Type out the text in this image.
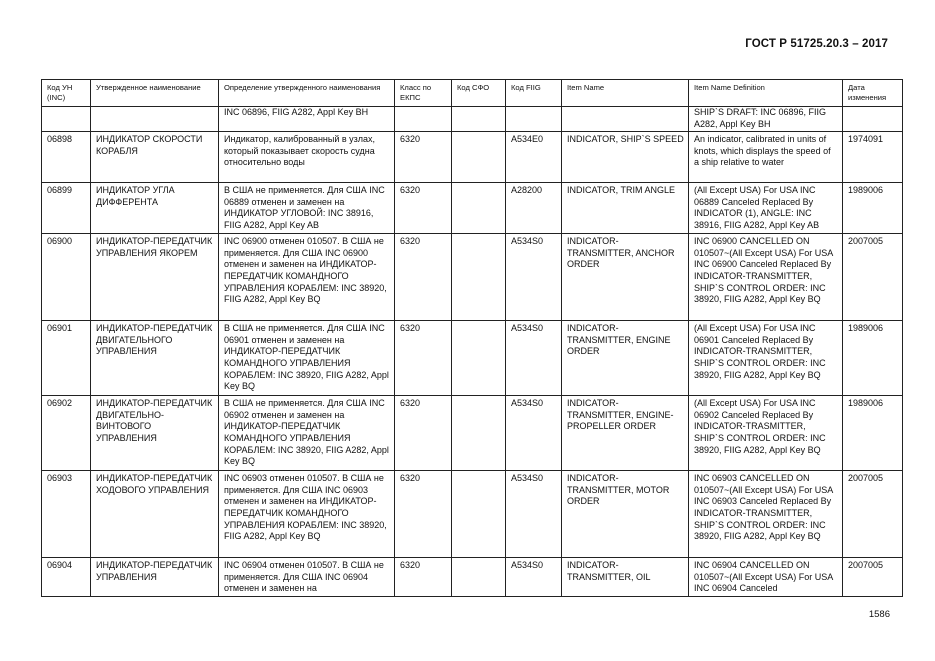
ГОСТ Р 51725.20.3 – 2017
Код УН (INC)	Утвержденное наименование	Определение утвержденного наименования	Класс по ЕКПС	Код СФО	Код FIIG	Item Name	Item Name Definition	Дата изменения
		INC 06896, FIIG A282, Appl Key BH					SHIP`S DRAFT: INC 06896, FIIG A282, Appl Key BH	
06898	ИНДИКАТОР СКОРОСТИ КОРАБЛЯ	Индикатор, калиброванный в узлах, который показывает скорость судна относительно воды	6320		A534E0	INDICATOR, SHIP`S SPEED	An indicator, calibrated in units of knots, which displays the speed of a ship relative to water	1974091
06899	ИНДИКАТОР УГЛА ДИФФЕРЕНТА	В США не применяется. Для США INC 06889 отменен и заменен на ИНДИКАТОР УГЛОВОЙ: INC 38916, FIIG A282, Appl Key AB	6320		A28200	INDICATOR, TRIM ANGLE	(All Except USA) For USA INC 06889 Canceled Replaced By INDICATOR (1), ANGLE: INC 38916, FIIG A282, Appl Key AB	1989006
06900	ИНДИКАТОР-ПЕРЕДАТЧИК УПРАВЛЕНИЯ ЯКОРЕМ	INC 06900 отменен 010507. В США не применяется. Для США INC 06900 отменен и заменен на ИНДИКАТОР-ПЕРЕДАТЧИК КОМАНДНОГО УПРАВЛЕНИЯ КОРАБЛЕМ: INC 38920, FIIG A282, Appl Key BQ	6320		A534S0	INDICATOR-TRANSMITTER, ANCHOR ORDER	INC 06900 CANCELLED ON 010507~(All Except USA) For USA INC 06900 Canceled Replaced By INDICATOR-TRANSMITTER, SHIP`S CONTROL ORDER: INC 38920, FIIG A282, Appl Key BQ	2007005
06901	ИНДИКАТОР-ПЕРЕДАТЧИК ДВИГАТЕЛЬНОГО УПРАВЛЕНИЯ	В США не применяется. Для США INC 06901 отменен и заменен на ИНДИКАТОР-ПЕРЕДАТЧИК КОМАНДНОГО УПРАВЛЕНИЯ КОРАБЛЕМ: INC 38920, FIIG A282, Appl Key BQ	6320		A534S0	INDICATOR-TRANSMITTER, ENGINE ORDER	(All Except USA) For USA INC 06901 Canceled Replaced By INDICATOR-TRANSMITTER, SHIP`S CONTROL ORDER: INC 38920, FIIG A282, Appl Key BQ	1989006
06902	ИНДИКАТОР-ПЕРЕДАТЧИК ДВИГАТЕЛЬНО-ВИНТОВОГО УПРАВЛЕНИЯ	В США не применяется. Для США INC 06902 отменен и заменен на ИНДИКАТОР-ПЕРЕДАТЧИК КОМАНДНОГО УПРАВЛЕНИЯ КОРАБЛЕМ: INC 38920, FIIG A282, Appl Key BQ	6320		A534S0	INDICATOR-TRANSMITTER, ENGINE-PROPELLER ORDER	(All Except USA) For USA INC 06902 Canceled Replaced By INDICATOR-TRASMITTER, SHIP`S CONTROL ORDER: INC 38920, FIIG A282, Appl Key BQ	1989006
06903	ИНДИКАТОР-ПЕРЕДАТЧИК ХОДОВОГО УПРАВЛЕНИЯ	INC 06903 отменен 010507. В США не применяется. Для США INC 06903 отменен и заменен на ИНДИКАТОР-ПЕРЕДАТЧИК КОМАНДНОГО УПРАВЛЕНИЯ КОРАБЛЕМ: INC 38920, FIIG A282, Appl Key BQ	6320		A534S0	INDICATOR-TRANSMITTER, MOTOR ORDER	INC 06903 CANCELLED ON 010507~(All Except USA) For USA INC 06903 Canceled Replaced By INDICATOR-TRANSMITTER, SHIP`S CONTROL ORDER: INC 38920, FIIG A282, Appl Key BQ	2007005
06904	ИНДИКАТОР-ПЕРЕДАТЧИК УПРАВЛЕНИЯ	INC 06904 отменен 010507. В США не применяется. Для США INC 06904 отменен и заменен на	6320		A534S0	INDICATOR-TRANSMITTER, OIL	INC 06904 CANCELLED ON 010507~(All Except USA) For USA INC 06904 Canceled	2007005
1586
